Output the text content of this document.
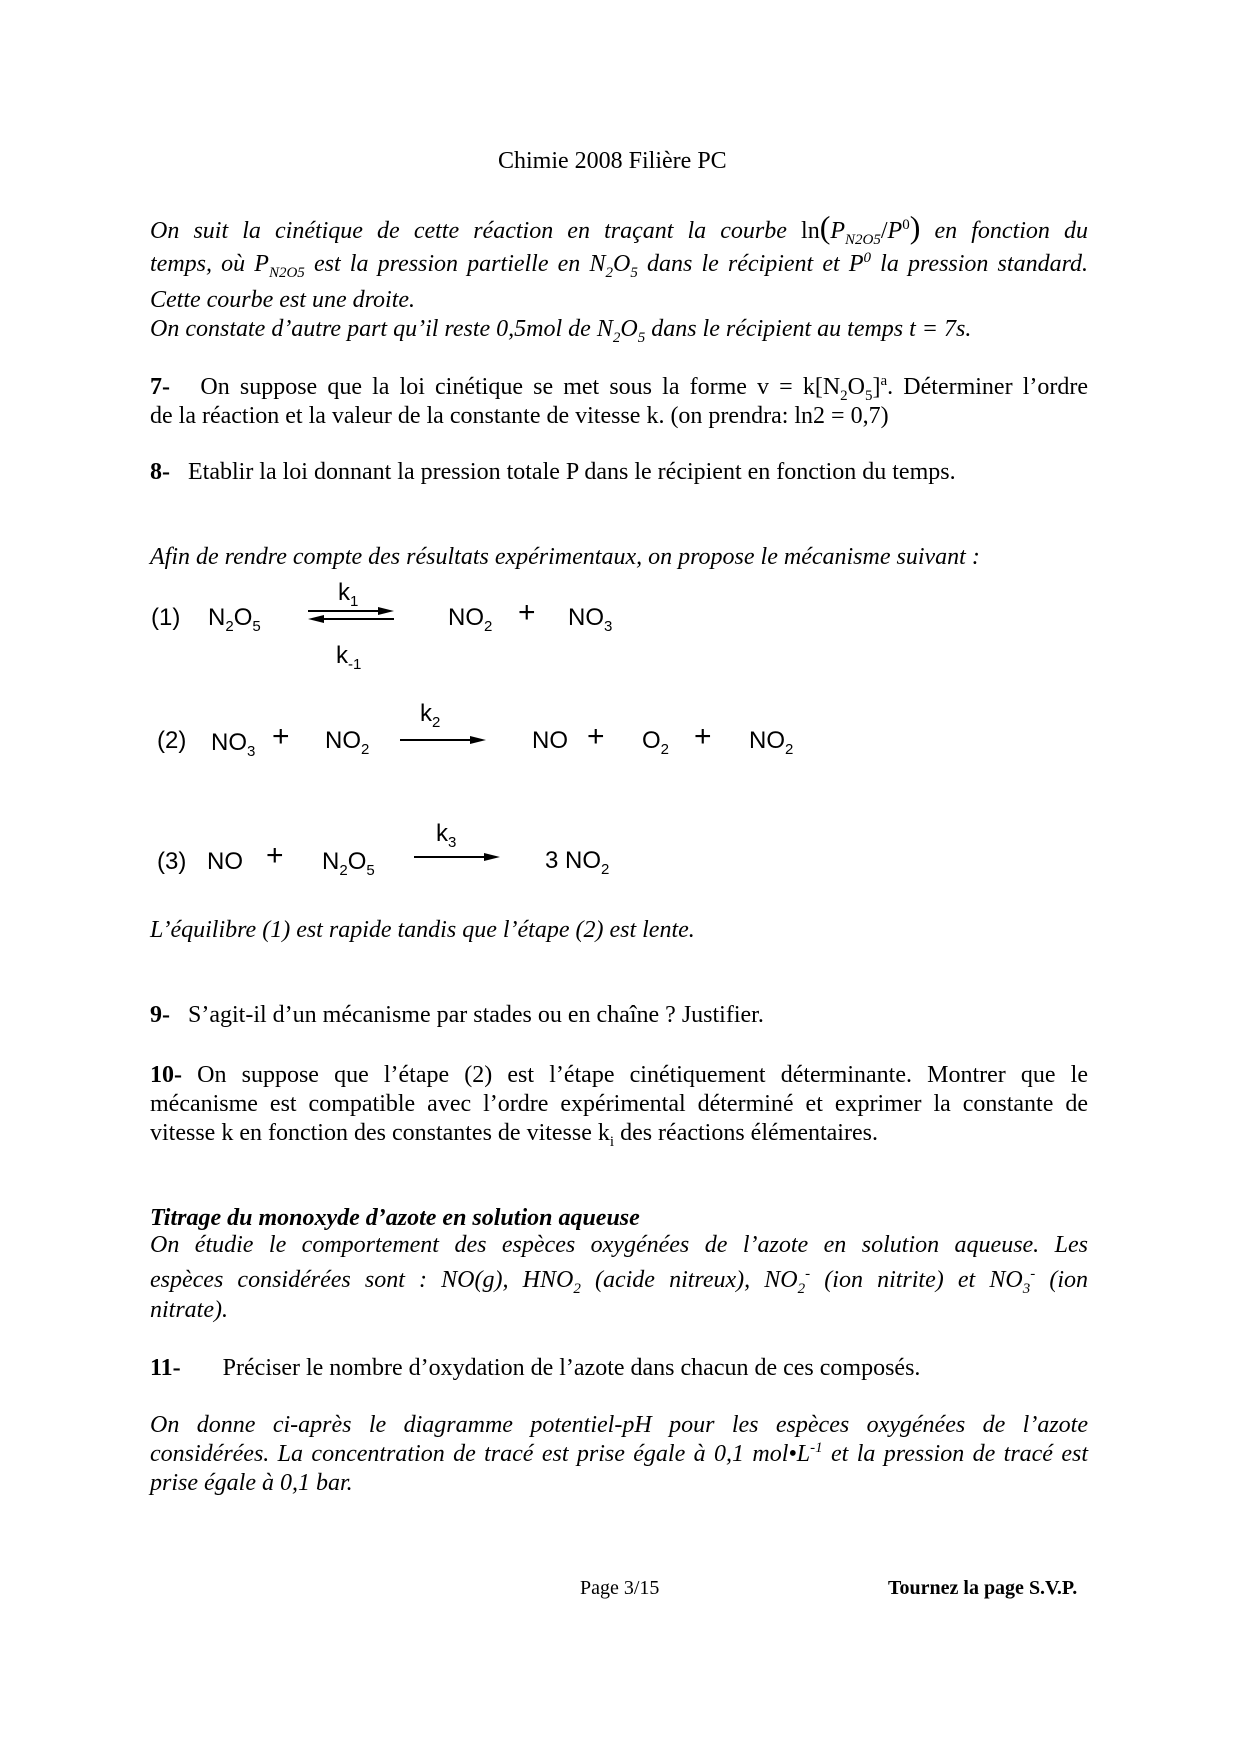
Chimie 2008 Filière PC
On suit la cinétique de cette réaction en traçant la courbe $\ln(P_{N2O5}/P^0)$ en fonction du
temps, où $P_{N2O5}$ est la pression partielle en $N_2O_5$ dans le récipient et $P^0$ la pression standard.
Cette courbe est une droite.
On constate d’autre part qu’il reste 0,5mol de $N_2O_5$ dans le récipient au temps t = 7s.
7- On suppose que la loi cinétique se met sous la forme $v = k[N_2O_5]^a$. Déterminer l’ordre
de la réaction et la valeur de la constante de vitesse k. (on prendra: ln2 = 0,7)
8- Etablir la loi donnant la pression totale P dans le récipient en fonction du temps.
Afin de rendre compte des résultats expérimentaux, on propose le mécanisme suivant :
(1) $N_2O_5$
$k_1$
$k_{-1}$
$NO_2 + NO_3$
(2) $NO_3 + NO_2$
$k_2$
NO + $O_2 + NO_2$
(3) NO + $N_2O_5$
$k_3$
3 $NO_2$
L’équilibre (1) est rapide tandis que l’étape (2) est lente.
9- S’agit-il d’un mécanisme par stades ou en chaîne ? Justifier.
10- On suppose que l’étape (2) est l’étape cinétiquement déterminante. Montrer que le
mécanisme est compatible avec l’ordre expérimental déterminé et exprimer la constante de
vitesse k en fonction des constantes de vitesse $k_i$ des réactions élémentaires.
Titrage du monoxyde d’azote en solution aqueuse
On étudie le comportement des espèces oxygénées de l’azote en solution aqueuse. Les
espèces considérées sont : NO(g), $HNO_2$ (acide nitreux), $NO_2^-$ (ion nitrite) et $NO_3^-$ (ion
nitrate).
11- Préciser le nombre d’oxydation de l’azote dans chacun de ces composés.
On donne ci-après le diagramme potentiel-pH pour les espèces oxygénées de l’azote
considérées. La concentration de tracé est prise égale à 0,1 $mol•L^{-1}$ et la pression de tracé est
prise égale à 0,1 bar.
Page 3/15	Tournez la page S.V.P.
